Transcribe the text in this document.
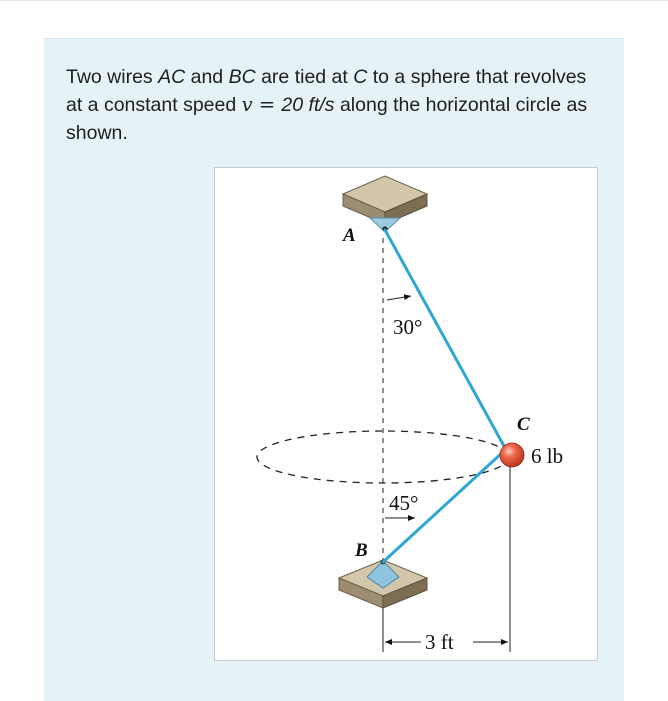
Two wires AC and BC are tied at C to a sphere that revolves at a constant speed v = 20 ft/s along the horizontal circle as shown.

A
B
C
30°
45°
6 lb
3 ft
